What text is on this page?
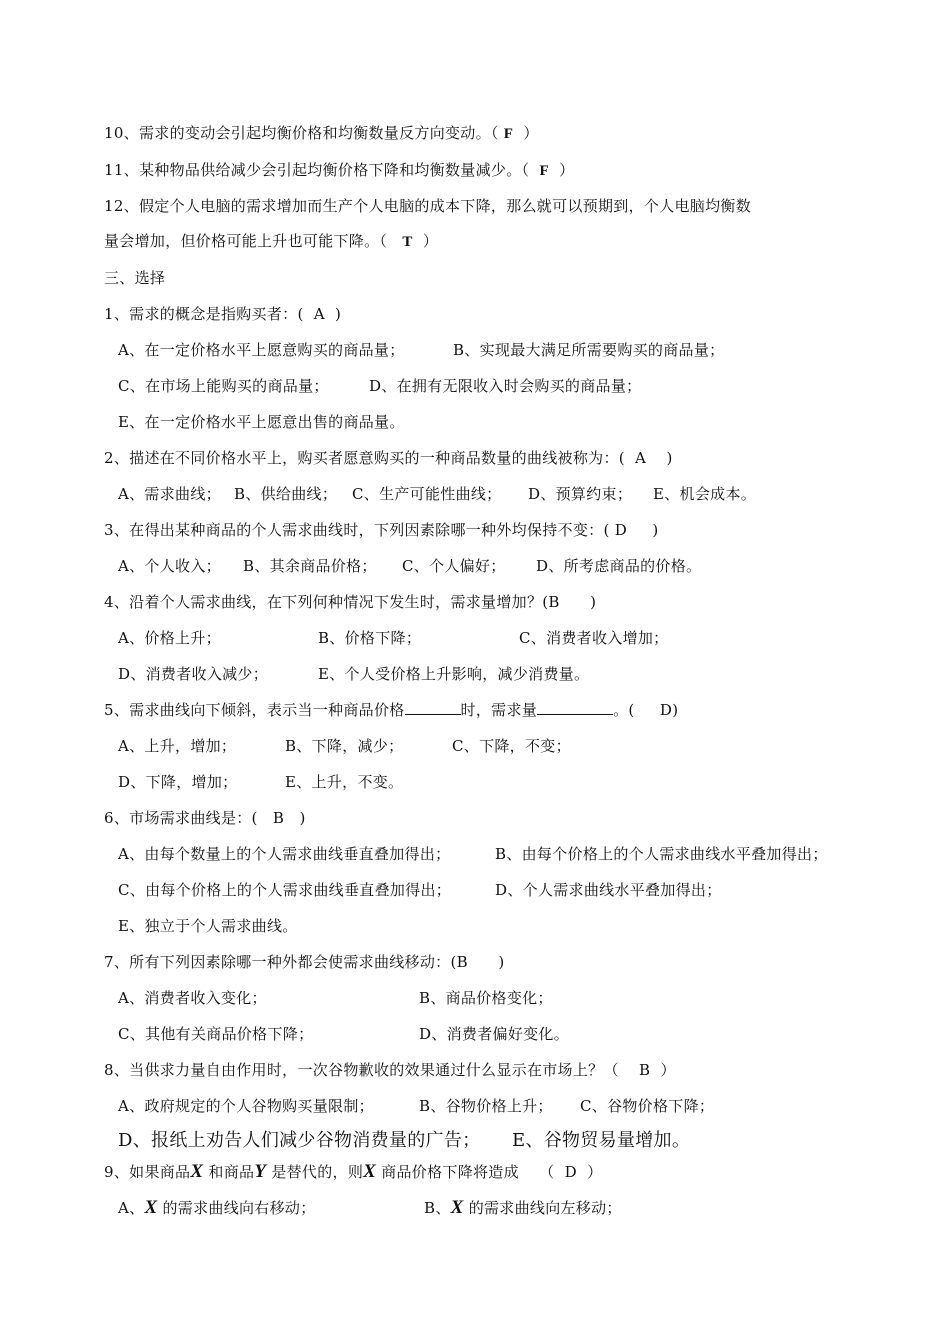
10、需求的变动会引起均衡价格和均衡数量反方向变动。（ F ）
11、某种物品供给减少会引起均衡价格下降和均衡数量减少。（ F ）
12、假定个人电脑的需求增加而生产个人电脑的成本下降，那么就可以预期到，个人电脑均衡数
量会增加，但价格可能上升也可能下降。（ T ）
三、选择
1、需求的概念是指购买者：( A )
A、在一定价格水平上愿意购买的商品量；	B、实现最大满足所需要购买的商品量；
C、在市场上能购买的商品量；	D、在拥有无限收入时会购买的商品量；
E、在一定价格水平上愿意出售的商品量。
2、描述在不同价格水平上，购买者愿意购买的一种商品数量的曲线被称为：( A )
A、需求曲线； B、供给曲线； C、生产可能性曲线； D、预算约束； E、机会成本。
3、在得出某种商品的个人需求曲线时，下列因素除哪一种外均保持不变：( D )
A、个人收入； B、其余商品价格； C、个人偏好； D、所考虑商品的价格。
4、沿着个人需求曲线，在下列何种情况下发生时，需求量增加？(B )
A、价格上升；	B、价格下降；	C、消费者收入增加；
D、消费者收入减少；	E、个人受价格上升影响，减少消费量。
5、需求曲线向下倾斜，表示当一种商品价格	时，需求量	。( D)
A、上升，增加；	B、下降，减少；	C、下降，不变；
D、下降，增加；	E、上升，不变。
6、市场需求曲线是：( B )
A、由每个数量上的个人需求曲线垂直叠加得出；	B、由每个价格上的个人需求曲线水平叠加得出；
C、由每个价格上的个人需求曲线垂直叠加得出；	D、个人需求曲线水平叠加得出；
E、独立于个人需求曲线。
7、所有下列因素除哪一种外都会使需求曲线移动：(B )
A、消费者收入变化；	B、商品价格变化；
C、其他有关商品价格下降；	D、消费者偏好变化。
8、当供求力量自由作用时，一次谷物歉收的效果通过什么显示在市场上？（ B ）
A、政府规定的个人谷物购买量限制；	B、谷物价格上升； C、谷物价格下降；
D、报纸上劝告人们减少谷物消费量的广告； E、谷物贸易量增加。
9、如果商品X 和商品Y 是替代的，则X 商品价格下降将造成 （ D ）
A、X 的需求曲线向右移动；	B、X 的需求曲线向左移动；
